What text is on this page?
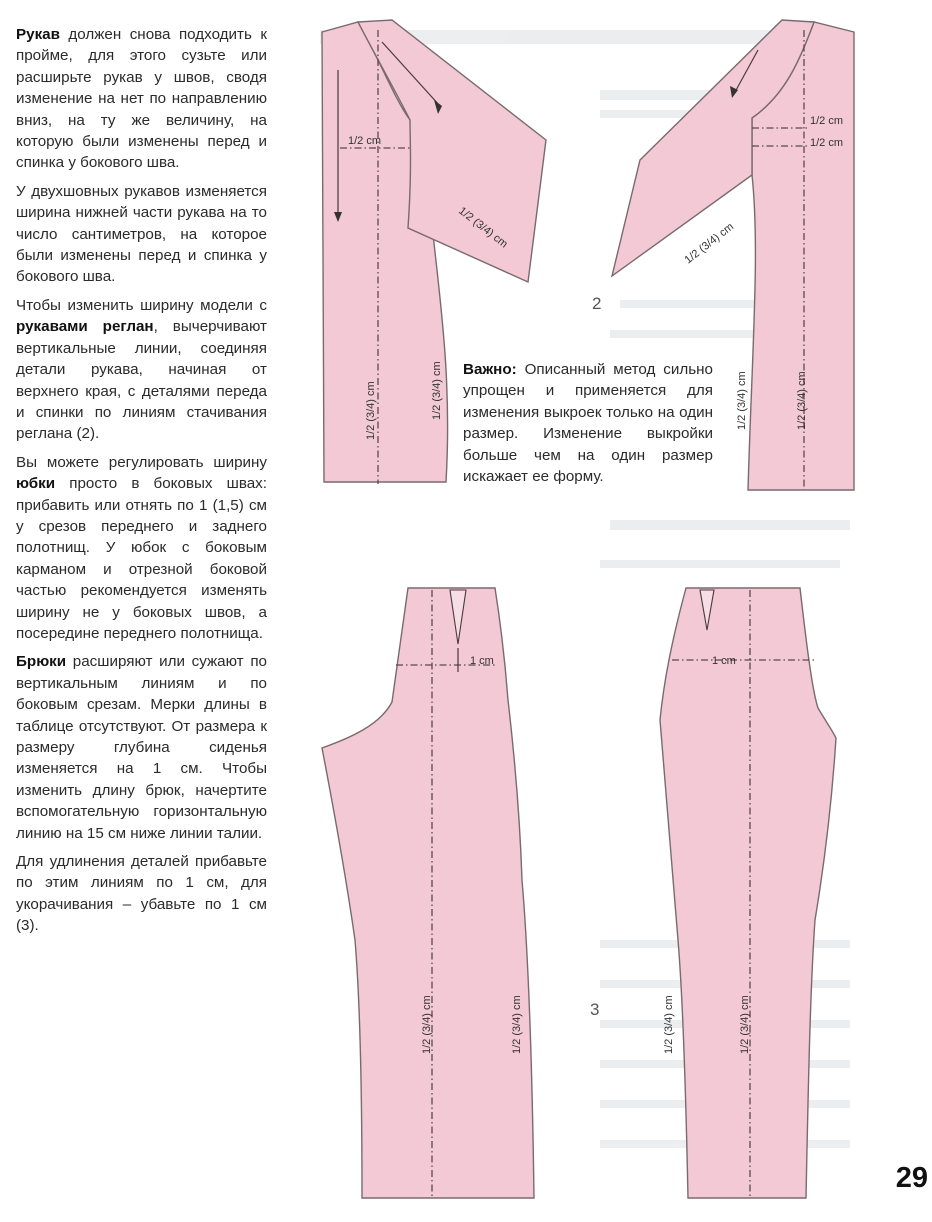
Рукав должен снова подходить к пройме, для этого сузьте или расширьте рукав у швов, сводя изменение на нет по направлению вниз, на ту же величину, на которую были изменены перед и спинка у бокового шва.

У двухшовных рукавов изменяется ширина нижней части рукава на то число сантиметров, на которое были изменены перед и спинка у бокового шва.

Чтобы изменить ширину модели с рукавами реглан, вычерчивают вертикальные линии, соединяя детали рукава, начиная от верхнего края, с деталями переда и спинки по линиям стачивания реглана (2).

Вы можете регулировать ширину юбки просто в боковых швах: прибавить или отнять по 1 (1,5) см у срезов переднего и заднего полотнищ. У юбок с боковым карманом и отрезной боковой частью рекомендуется изменять ширину не у боковых швов, а посередине переднего полотнища.

Брюки расширяют или сужают по вертикальным линиям и по боковым срезам. Мерки длины в таблице отсутствуют. От размера к размеру глубина сиденья изменяется на 1 см. Чтобы изменить длину брюк, начертите вспомогательную горизонтальную линию на 15 см ниже линии талии.

Для удлинения деталей прибавьте по этим линиям по 1 см, для укорачивания – убавьте по 1 см (3).

1/2 cm
1/2 (3/4) cm
1/2 (3/4) cm	1/2 (3/4) cm
1/2 cm
1/2 cm
1/2 (3/4) cm
1/2 (3/4) cm	1/2 (3/4) cm
2
Важно: Описанный метод сильно упрощен и применяется для изменения выкроек только на один размер. Изменение выкройки больше чем на один размер искажает ее форму.
1 cm
1/2 (3/4) cm	1/2 (3/4) cm
1 cm
1/2 (3/4) cm	1/2 (3/4) cm
3
29
